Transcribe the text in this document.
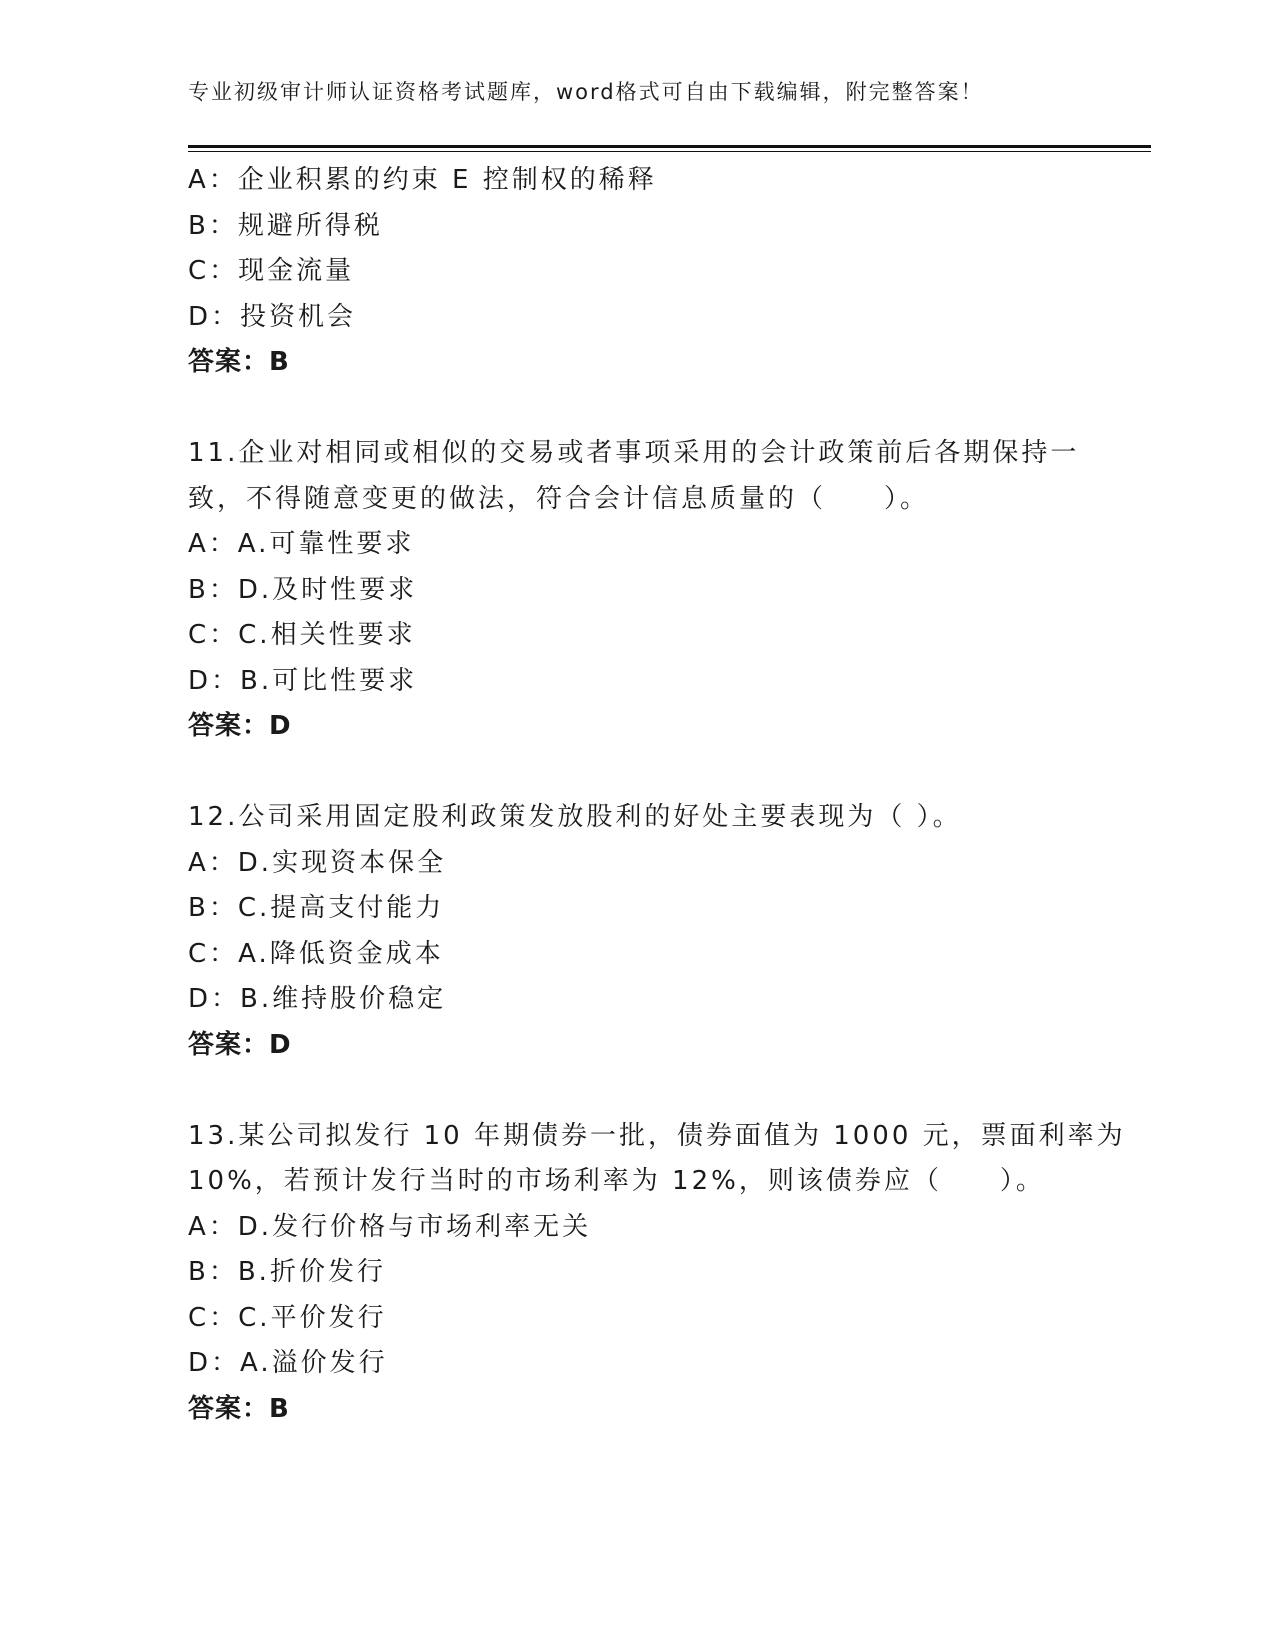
专业初级审计师认证资格考试题库，word格式可自由下载编辑，附完整答案！
A：企业积累的约束 E 控制权的稀释
B：规避所得税
C：现金流量
D：投资机会
答案：B
11.企业对相同或相似的交易或者事项采用的会计政策前后各期保持一
致，不得随意变更的做法，符合会计信息质量的（　　）。
A：A.可靠性要求
B：D.及时性要求
C：C.相关性要求
D：B.可比性要求
答案：D
12.公司采用固定股利政策发放股利的好处主要表现为（ ）。
A：D.实现资本保全
B：C.提高支付能力
C：A.降低资金成本
D：B.维持股价稳定
答案：D
13.某公司拟发行 10 年期债券一批，债券面值为 1000 元，票面利率为
10%，若预计发行当时的市场利率为 12%，则该债券应（　　）。
A：D.发行价格与市场利率无关
B：B.折价发行
C：C.平价发行
D：A.溢价发行
答案：B
